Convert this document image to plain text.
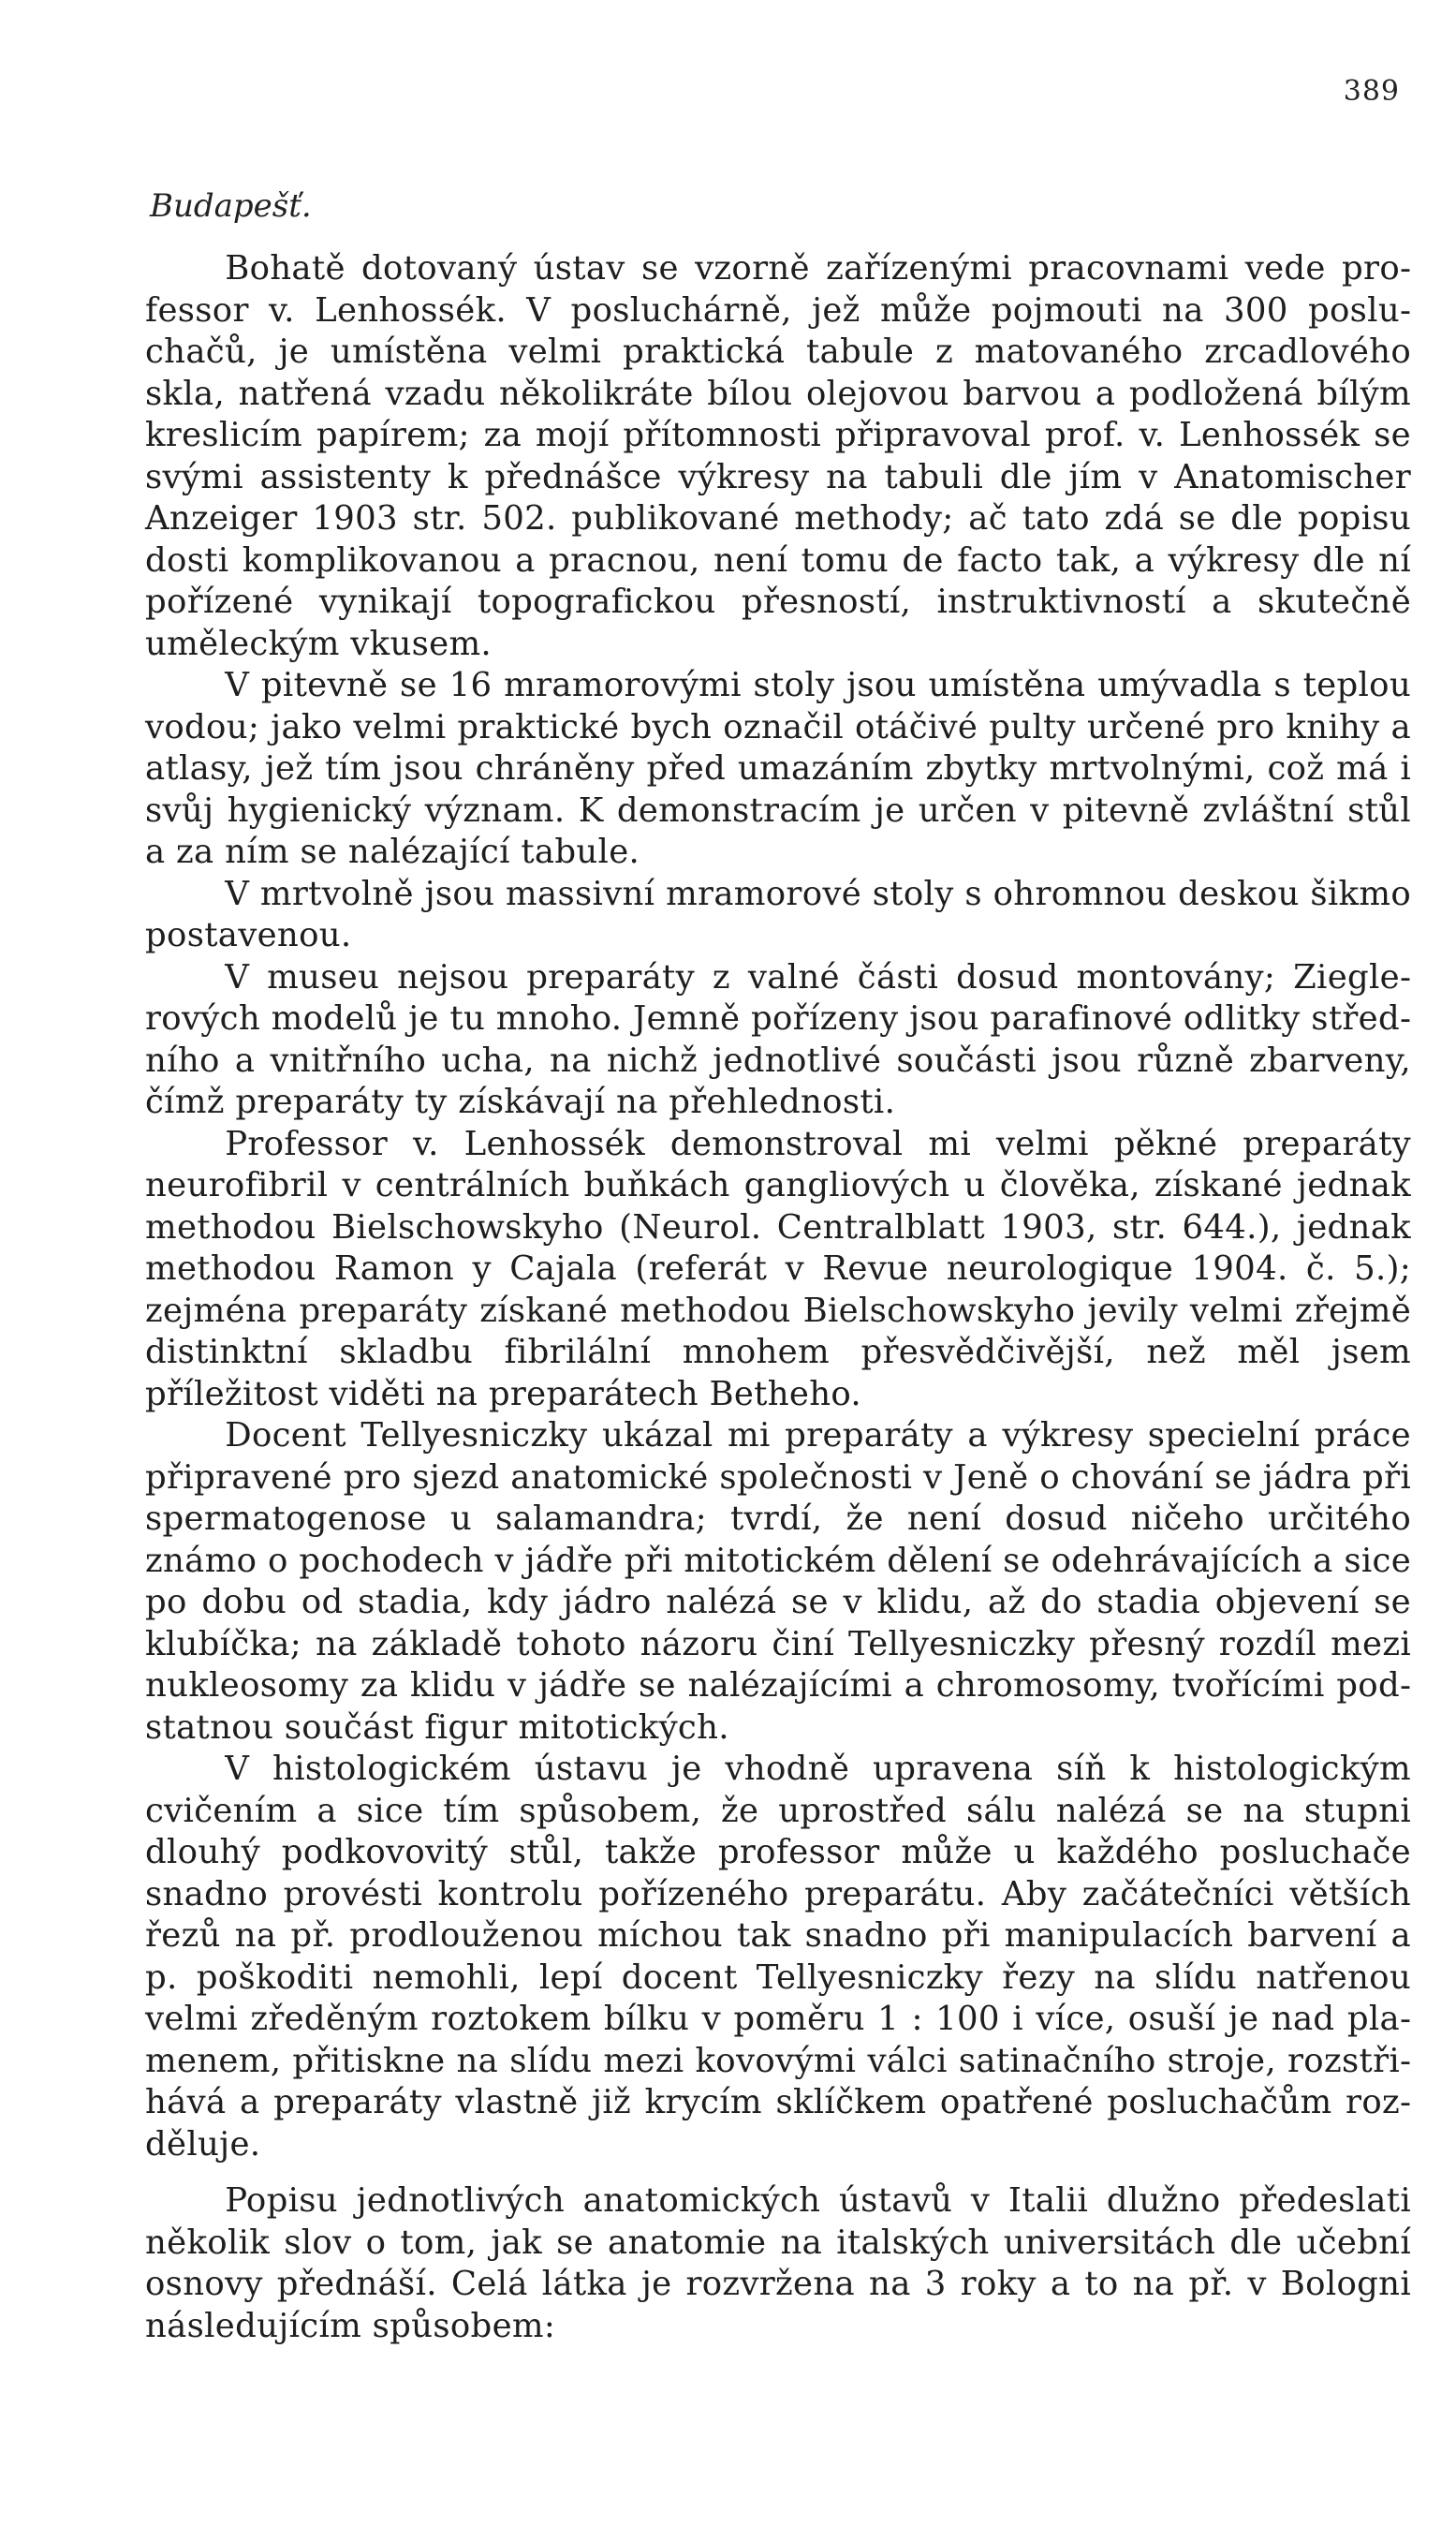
389
Budapešť.

Bohatě dotovaný ústav se vzorně zařízenými pracovnami vede professor v. Lenhossék. V posluchárně, jež může pojmouti na 300 posluchačů, je umístěna velmi praktická tabule z matovaného zrcadlového skla, natřená vzadu několikráte bílou olejovou barvou a podložená bílým kreslicím papírem; za mojí přítomnosti připravoval prof. v. Lenhossék se svými assistenty k přednášce výkresy na tabuli dle jím v Anatomischer Anzeiger 1903 str. 502. publikované methody; ač tato zdá se dle popisu dosti komplikovanou a pracnou, není tomu de facto tak, a výkresy dle ní pořízené vynikají topografickou přesností, instruktivností a skutečně uměleckým vkusem.

V pitevně se 16 mramorovými stoly jsou umístěna umývadla s teplou vodou; jako velmi praktické bych označil otáčivé pulty určené pro knihy a atlasy, jež tím jsou chráněny před umazáním zbytky mrtvolnými, což má i svůj hygienický význam. K demonstracím je určen v pitevně zvláštní stůl a za ním se nalézající tabule.

V mrtvolně jsou massivní mramorové stoly s ohromnou deskou šikmo postavenou.

V museu nejsou preparáty z valné části dosud montovány; Zieglerových modelů je tu mnoho. Jemně pořízeny jsou parafinové odlitky středního a vnitřního ucha, na nichž jednotlivé součásti jsou různě zbarveny, čímž preparáty ty získávají na přehlednosti.

Professor v. Lenhossék demonstroval mi velmi pěkné preparáty neurofibril v centrálních buňkách gangliových u člověka, získané jednak methodou Bielschowskyho (Neurol. Centralblatt 1903, str. 644.), jednak methodou Ramon y Cajala (referát v Revue neurologique 1904. č. 5.); zejména preparáty získané methodou Bielschowskyho jevily velmi zřejmě distinktní skladbu fibrilální mnohem přesvědčivější, než měl jsem příležitost viděti na preparátech Betheho.

Docent Tellyesniczky ukázal mi preparáty a výkresy specielní práce připravené pro sjezd anatomické společnosti v Jeně o chování se jádra při spermatogenose u salamandra; tvrdí, že není dosud ničeho určitého známo o pochodech v jádře při mitotickém dělení se odehrávajících a sice po dobu od stadia, kdy jádro nalézá se v klidu, až do stadia objevení se klubíčka; na základě tohoto názoru činí Tellyesniczky přesný rozdíl mezi nukleosomy za klidu v jádře se nalézajícími a chromosomy, tvořícími podstatnou součást figur mitotických.

V histologickém ústavu je vhodně upravena síň k histologickým cvičením a sice tím spůsobem, že uprostřed sálu nalézá se na stupni dlouhý podkovovitý stůl, takže professor může u každého posluchače snadno provésti kontrolu pořízeného preparátu. Aby začátečníci větších řezů na př. prodlouženou míchou tak snadno při manipulacích barvení a p. poškoditi nemohli, lepí docent Tellyesniczky řezy na slídu natřenou velmi zředěným roztokem bílku v poměru 1 : 100 i více, osuší je nad plamenem, přitiskne na slídu mezi kovovými válci satinačního stroje, rozstřihává a preparáty vlastně již krycím sklíčkem opatřené posluchačům rozděluje.

Popisu jednotlivých anatomických ústavů v Italii dlužno předeslati několik slov o tom, jak se anatomie na italských universitách dle učební osnovy přednáší. Celá látka je rozvržena na 3 roky a to na př. v Bologni následujícím spůsobem:
